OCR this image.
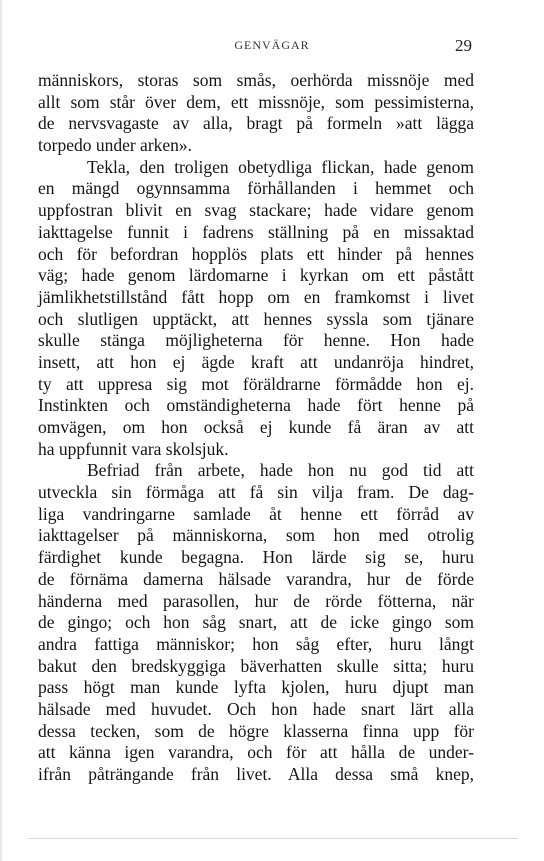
GENVÄGAR	29
människors, storas som smås, oerhörda missnöje med
allt som står över dem, ett missnöje, som pessimisterna,
de nervsvagaste av alla, bragt på formeln »att lägga
torpedo under arken».
Tekla, den troligen obetydliga flickan, hade genom
en mängd ogynnsamma förhållanden i hemmet och
uppfostran blivit en svag stackare; hade vidare genom
iakttagelse funnit i fadrens ställning på en missaktad
och för befordran hopplös plats ett hinder på hennes
väg; hade genom lärdomarne i kyrkan om ett påstått
jämlikhetstillstånd fått hopp om en framkomst i livet
och slutligen upptäckt, att hennes syssla som tjänare
skulle stänga möjligheterna för henne. Hon hade
insett, att hon ej ägde kraft att undanröja hindret,
ty att uppresa sig mot föräldrarne förmådde hon ej.
Instinkten och omständigheterna hade fört henne på
omvägen, om hon också ej kunde få äran av att
ha uppfunnit vara skolsjuk.
Befriad från arbete, hade hon nu god tid att
utveckla sin förmåga att få sin vilja fram. De dag-
liga vandringarne samlade åt henne ett förråd av
iakttagelser på människorna, som hon med otrolig
färdighet kunde begagna. Hon lärde sig se, huru
de förnäma damerna hälsade varandra, hur de förde
händerna med parasollen, hur de rörde fötterna, när
de gingo; och hon såg snart, att de icke gingo som
andra fattiga människor; hon såg efter, huru långt
bakut den bredskyggiga bäverhatten skulle sitta; huru
pass högt man kunde lyfta kjolen, huru djupt man
hälsade med huvudet. Och hon hade snart lärt alla
dessa tecken, som de högre klasserna finna upp för
att känna igen varandra, och för att hålla de under-
ifrån påträngande från livet. Alla dessa små knep,
